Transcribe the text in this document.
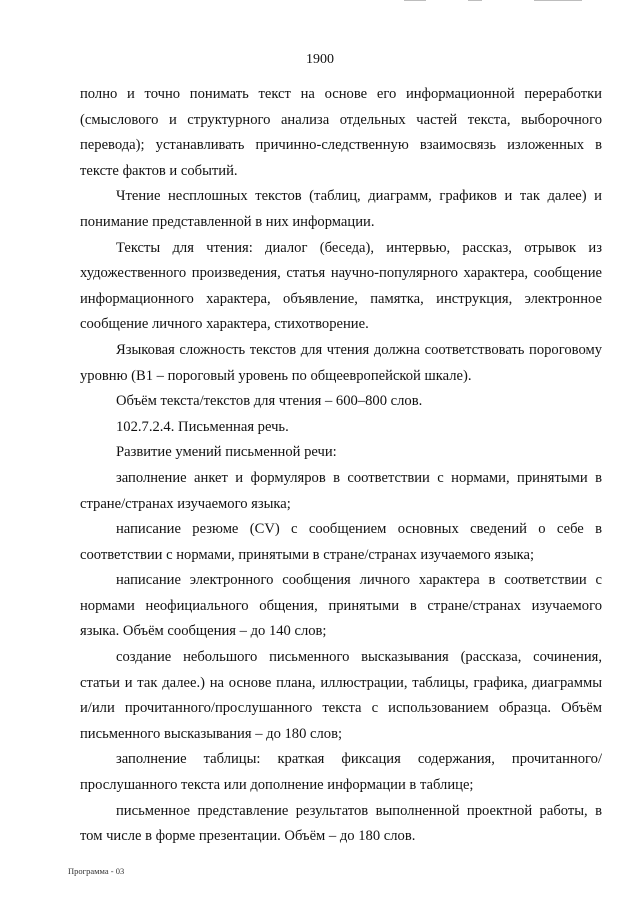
1900

полно и точно понимать текст на основе его информационной переработки (смыслового и структурного анализа отдельных частей текста, выборочного перевода); устанавливать причинно-следственную взаимосвязь изложенных в тексте фактов и событий.

Чтение несплошных текстов (таблиц, диаграмм, графиков и так далее) и понимание представленной в них информации.

Тексты для чтения: диалог (беседа), интервью, рассказ, отрывок из художественного произведения, статья научно-популярного характера, сообщение информационного характера, объявление, памятка, инструкция, электронное сообщение личного характера, стихотворение.

Языковая сложность текстов для чтения должна соответствовать пороговому уровню (B1 – пороговый уровень по общеевропейской шкале).

Объём текста/текстов для чтения – 600–800 слов.

102.7.2.4. Письменная речь.

Развитие умений письменной речи:

заполнение анкет и формуляров в соответствии с нормами, принятыми в стране/странах изучаемого языка;

написание резюме (CV) с сообщением основных сведений о себе в соответствии с нормами, принятыми в стране/странах изучаемого языка;

написание электронного сообщения личного характера в соответствии с нормами неофициального общения, принятыми в стране/странах изучаемого языка. Объём сообщения – до 140 слов;

создание небольшого письменного высказывания (рассказа, сочинения, статьи и так далее.) на основе плана, иллюстрации, таблицы, графика, диаграммы и/или прочитанного/прослушанного текста с использованием образца. Объём письменного высказывания – до 180 слов;

заполнение таблицы: краткая фиксация содержания, прочитанного/прослушанного текста или дополнение информации в таблице;

письменное представление результатов выполненной проектной работы, в том числе в форме презентации. Объём – до 180 слов.

Программа - 03
